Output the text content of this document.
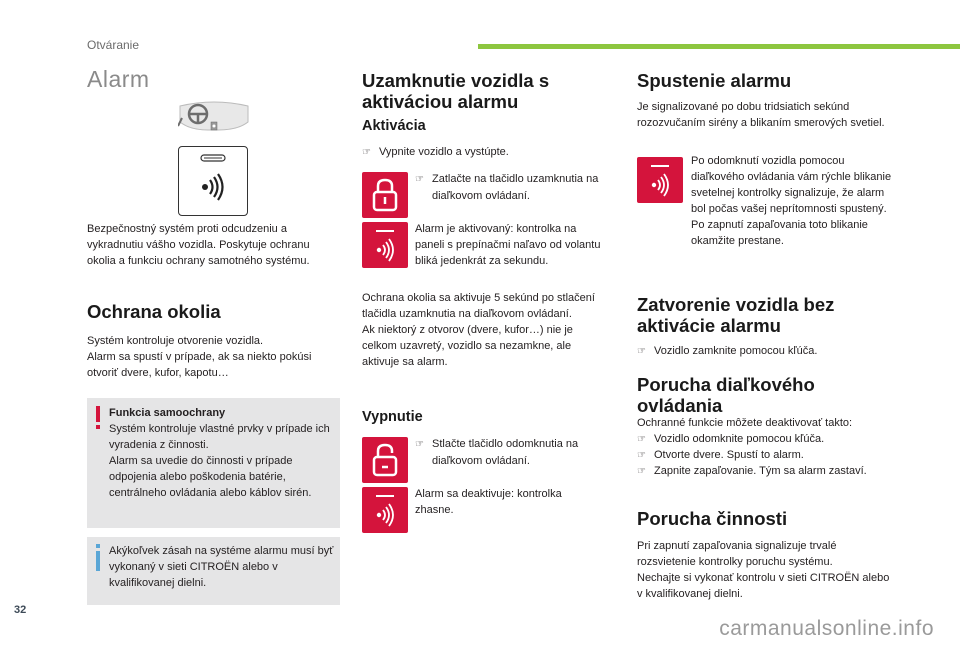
Otváranie
Alarm
Bezpečnostný systém proti odcudzeniu a vykradnutiu vášho vozidla. Poskytuje ochranu okolia a funkciu ochrany samotného systému.
Ochrana okolia
Systém kontroluje otvorenie vozidla.
Alarm sa spustí v prípade, ak sa niekto pokúsi otvoriť dvere, kufor, kapotu…
Funkcia samoochrany
Systém kontroluje vlastné prvky v prípade ich vyradenia z činnosti.
Alarm sa uvedie do činnosti v prípade odpojenia alebo poškodenia batérie, centrálneho ovládania alebo káblov sirén.
Akýkoľvek zásah na systéme alarmu musí byť vykonaný v sieti CITROËN alebo v kvalifikovanej dielni.
Uzamknutie vozidla s aktiváciou alarmu
Aktivácia
☞ Vypnite vozidlo a vystúpte.
☞ Zatlačte na tlačidlo uzamknutia na diaľkovom ovládaní.
Alarm je aktivovaný: kontrolka na paneli s prepínačmi naľavo od volantu bliká jedenkrát za sekundu.
Ochrana okolia sa aktivuje 5 sekúnd po stlačení tlačidla uzamknutia na diaľkovom ovládaní.
Ak niektorý z otvorov (dvere, kufor…) nie je celkom uzavretý, vozidlo sa nezamkne, ale aktivuje sa alarm.
Vypnutie
☞ Stlačte tlačidlo odomknutia na diaľkovom ovládaní.
Alarm sa deaktivuje: kontrolka zhasne.
Spustenie alarmu
Je signalizované po dobu tridsiatich sekúnd rozozvučaním sirény a blikaním smerových svetiel.
Po odomknutí vozidla pomocou diaľkového ovládania vám rýchle blikanie svetelnej kontrolky signalizuje, že alarm bol počas vašej neprítomnosti spustený. Po zapnutí zapaľovania toto blikanie okamžite prestane.
Zatvorenie vozidla bez aktivácie alarmu
☞ Vozidlo zamknite pomocou kľúča.
Porucha diaľkového ovládania
Ochranné funkcie môžete deaktivovať takto:
☞ Vozidlo odomknite pomocou kľúča.
☞ Otvorte dvere. Spustí to alarm.
☞ Zapnite zapaľovanie. Tým sa alarm zastaví.
Porucha činnosti
Pri zapnutí zapaľovania signalizuje trvalé rozsvietenie kontrolky poruchu systému.
Nechajte si vykonať kontrolu v sieti CITROËN alebo v kvalifikovanej dielni.
32
carmanualsonline.info
